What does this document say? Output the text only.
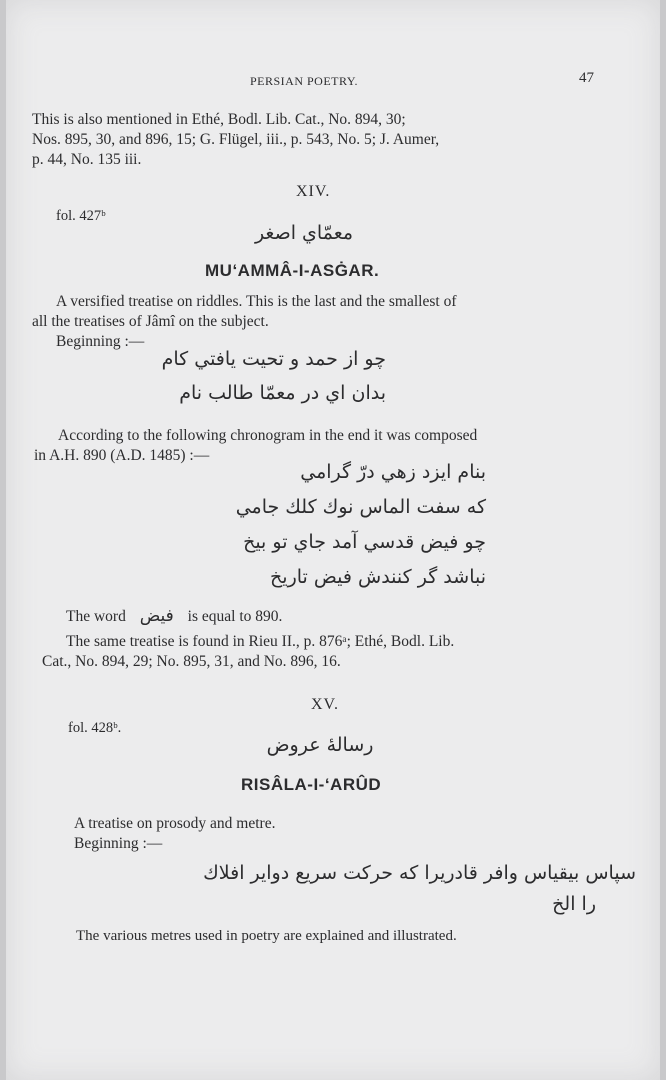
PERSIAN POETRY.	47
This is also mentioned in Ethé, Bodl. Lib. Cat., No. 894, 30;
Nos. 895, 30, and 896, 15; G. Flügel, iii., p. 543, No. 5; J. Aumer,
p. 44, No. 135 iii.
XIV.
fol. 427ᵇ
معمّاي اصغر
MU‘AMMÂ-I-ASĠAR.
A versified treatise on riddles. This is the last and the smallest of
all the treatises of Jâmî on the subject.
Beginning :—
چو از حمد و تحیت یافتي کام
بدان اي در معمّا طالب نام
According to the following chronogram in the end it was composed
in A.H. 890 (A.D. 1485) :—
بنام ایزد زهي درّ گرامي
که سفت الماس نوك كلك جامي
چو فیض قدسي آمد جاي تو بیخ
نباشد گر کنندش فیض تاریخ
The word فیض is equal to 890.
The same treatise is found in Rieu II., p. 876ᵃ; Ethé, Bodl. Lib.
Cat., No. 894, 29; No. 895, 31, and No. 896, 16.
XV.
fol. 428ᵇ.
رسالهٔ عروض
RISÂLA-I-‘ARÛD
A treatise on prosody and metre.
Beginning :—
سپاس بیقیاس وافر قادریرا که حرکت سریع دوایر افلاك
را الخ
The various metres used in poetry are explained and illustrated.
